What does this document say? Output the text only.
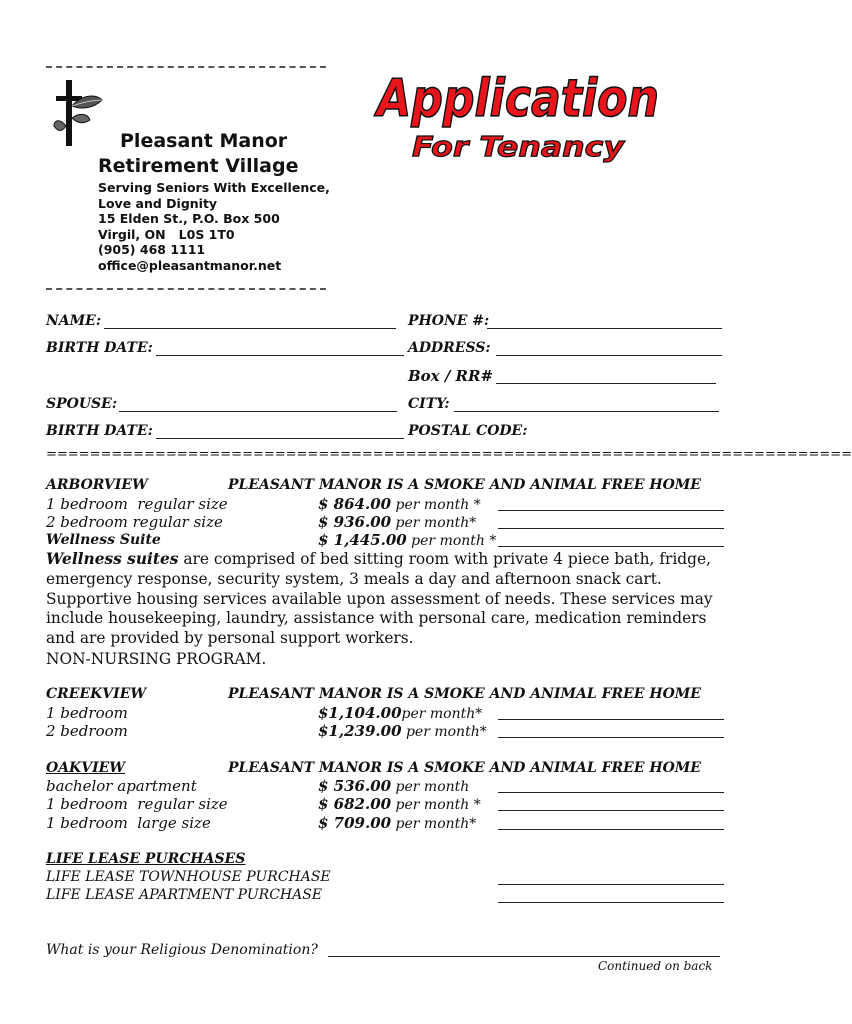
Pleasant Manor
Retirement Village
Serving Seniors With Excellence,
Love and Dignity
15 Elden St., P.O. Box 500
Virgil, ON   L0S 1T0
(905) 468 1111
office@pleasantmanor.net
Application
For Tenancy
NAME:	PHONE #:
BIRTH DATE:	ADDRESS:
Box / RR#
SPOUSE:	CITY:
BIRTH DATE:	POSTAL CODE:
==========================================================================
ARBORVIEW	PLEASANT MANOR IS A SMOKE AND ANIMAL FREE HOME
1 bedroom  regular size	$ 864.00 per month *
2 bedroom regular size	$ 936.00 per month*
Wellness Suite	$ 1,445.00 per month *
Wellness suites are comprised of bed sitting room with private 4 piece bath, fridge, emergency response, security system, 3 meals a day and afternoon snack cart. Supportive housing services available upon assessment of needs. These services may include housekeeping, laundry, assistance with personal care, medication reminders and are provided by personal support workers.
NON-NURSING PROGRAM.
CREEKVIEW	PLEASANT MANOR IS A SMOKE AND ANIMAL FREE HOME
1 bedroom	$1,104.00per month*
2 bedroom	$1,239.00 per month*
OAKVIEW	PLEASANT MANOR IS A SMOKE AND ANIMAL FREE HOME
bachelor apartment	$ 536.00 per month
1 bedroom  regular size	$ 682.00 per month *
1 bedroom  large size	$ 709.00 per month*
LIFE LEASE PURCHASES
LIFE LEASE TOWNHOUSE PURCHASE
LIFE LEASE APARTMENT PURCHASE
What is your Religious Denomination?
Continued on back
